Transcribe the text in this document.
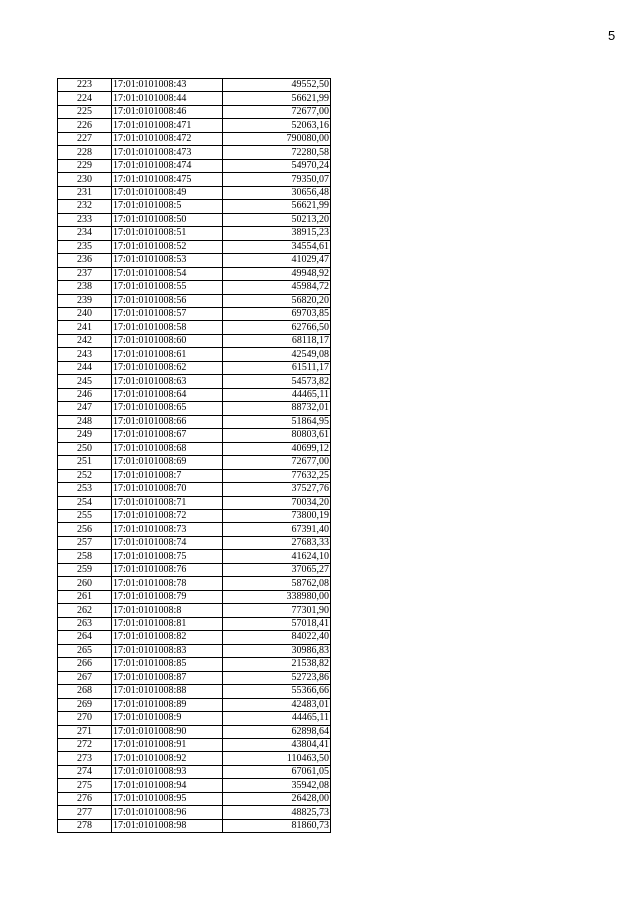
5
223	17:01:0101008:43	49552,50
224	17:01:0101008:44	56621,99
225	17:01:0101008:46	72677,00
226	17:01:0101008:471	52063,16
227	17:01:0101008:472	790080,00
228	17:01:0101008:473	72280,58
229	17:01:0101008:474	54970,24
230	17:01:0101008:475	79350,07
231	17:01:0101008:49	30656,48
232	17:01:0101008:5	56621,99
233	17:01:0101008:50	50213,20
234	17:01:0101008:51	38915,23
235	17:01:0101008:52	34554,61
236	17:01:0101008:53	41029,47
237	17:01:0101008:54	49948,92
238	17:01:0101008:55	45984,72
239	17:01:0101008:56	56820,20
240	17:01:0101008:57	69703,85
241	17:01:0101008:58	62766,50
242	17:01:0101008:60	68118,17
243	17:01:0101008:61	42549,08
244	17:01:0101008:62	61511,17
245	17:01:0101008:63	54573,82
246	17:01:0101008:64	44465,11
247	17:01:0101008:65	88732,01
248	17:01:0101008:66	51864,95
249	17:01:0101008:67	80803,61
250	17:01:0101008:68	40699,12
251	17:01:0101008:69	72677,00
252	17:01:0101008:7	77632,25
253	17:01:0101008:70	37527,76
254	17:01:0101008:71	70034,20
255	17:01:0101008:72	73800,19
256	17:01:0101008:73	67391,40
257	17:01:0101008:74	27683,33
258	17:01:0101008:75	41624,10
259	17:01:0101008:76	37065,27
260	17:01:0101008:78	58762,08
261	17:01:0101008:79	338980,00
262	17:01:0101008:8	77301,90
263	17:01:0101008:81	57018,41
264	17:01:0101008:82	84022,40
265	17:01:0101008:83	30986,83
266	17:01:0101008:85	21538,82
267	17:01:0101008:87	52723,86
268	17:01:0101008:88	55366,66
269	17:01:0101008:89	42483,01
270	17:01:0101008:9	44465,11
271	17:01:0101008:90	62898,64
272	17:01:0101008:91	43804,41
273	17:01:0101008:92	110463,50
274	17:01:0101008:93	67061,05
275	17:01:0101008:94	35942,08
276	17:01:0101008:95	26428,00
277	17:01:0101008:96	48825,73
278	17:01:0101008:98	81860,73
